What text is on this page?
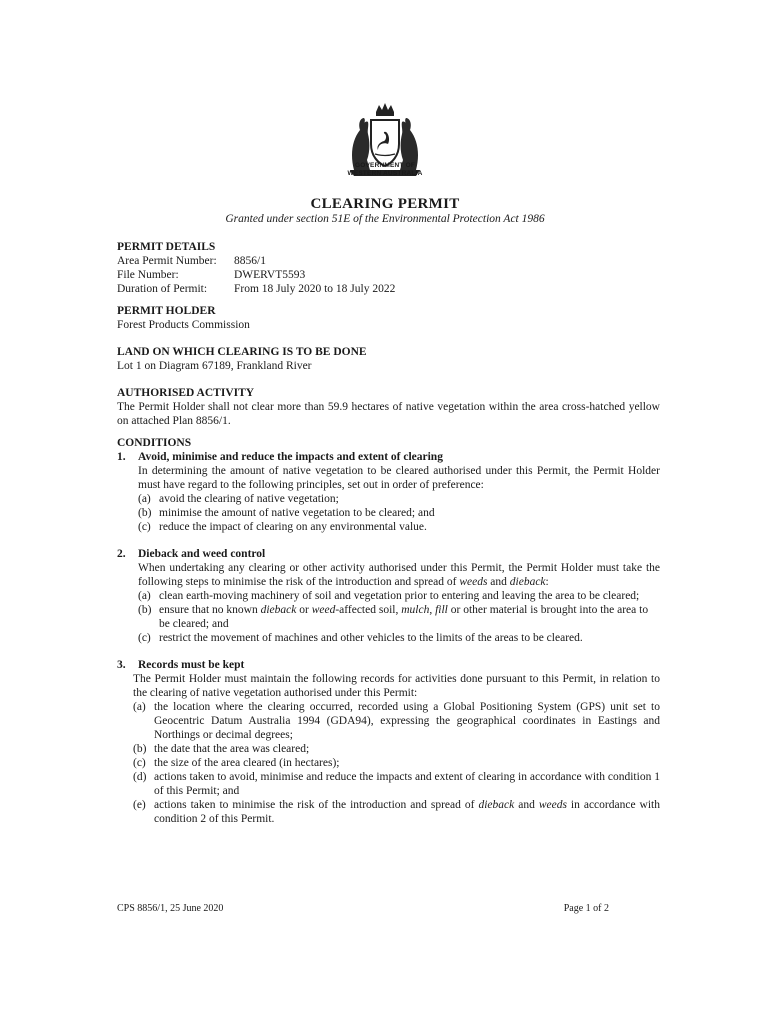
GOVERNMENT OF
WESTERN AUSTRALIA
CLEARING PERMIT
Granted under section 51E of the Environmental Protection Act 1986
PERMIT DETAILS
Area Permit Number:	8856/1
File Number:	DWERVT5593
Duration of Permit:	From 18 July 2020 to 18 July 2022
PERMIT HOLDER
Forest Products Commission
LAND ON WHICH CLEARING IS TO BE DONE
Lot 1 on Diagram 67189, Frankland River
AUTHORISED ACTIVITY
The Permit Holder shall not clear more than 59.9 hectares of native vegetation within the area cross-hatched yellow on attached Plan 8856/1.
CONDITIONS
1.	Avoid, minimise and reduce the impacts and extent of clearing
In determining the amount of native vegetation to be cleared authorised under this Permit, the Permit Holder must have regard to the following principles, set out in order of preference:
(a) avoid the clearing of native vegetation;
(b) minimise the amount of native vegetation to be cleared; and
(c) reduce the impact of clearing on any environmental value.
2.	Dieback and weed control
When undertaking any clearing or other activity authorised under this Permit, the Permit Holder must take the following steps to minimise the risk of the introduction and spread of weeds and dieback:
(a) clean earth-moving machinery of soil and vegetation prior to entering and leaving the area to be cleared;
(b) ensure that no known dieback or weed-affected soil, mulch, fill or other material is brought into the area to be cleared; and
(c) restrict the movement of machines and other vehicles to the limits of the areas to be cleared.
3.	Records must be kept
The Permit Holder must maintain the following records for activities done pursuant to this Permit, in relation to the clearing of native vegetation authorised under this Permit:
(a) the location where the clearing occurred, recorded using a Global Positioning System (GPS) unit set to Geocentric Datum Australia 1994 (GDA94), expressing the geographical coordinates in Eastings and Northings or decimal degrees;
(b) the date that the area was cleared;
(c) the size of the area cleared (in hectares);
(d) actions taken to avoid, minimise and reduce the impacts and extent of clearing in accordance with condition 1 of this Permit; and
(e) actions taken to minimise the risk of the introduction and spread of dieback and weeds in accordance with condition 2 of this Permit.
CPS 8856/1, 25 June 2020	Page 1 of 2
